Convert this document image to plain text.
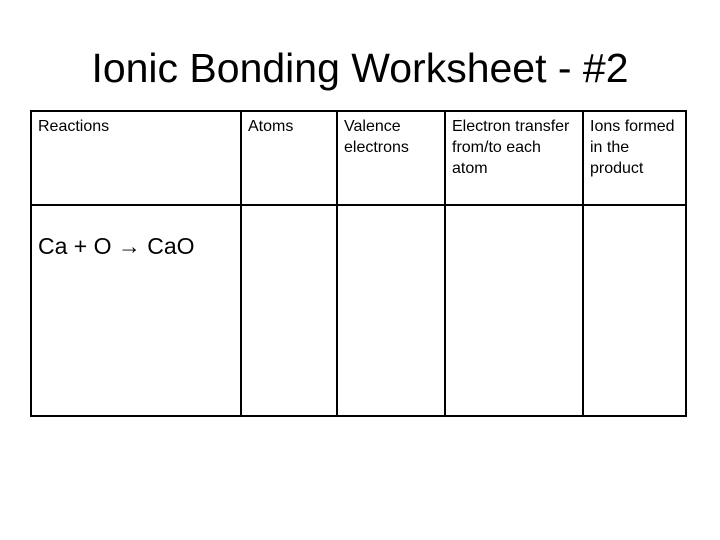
Ionic Bonding Worksheet - #2
Reactions	Atoms	Valence electrons	Electron transfer from/to each atom	Ions formed in the product
Ca + O → CaO				
